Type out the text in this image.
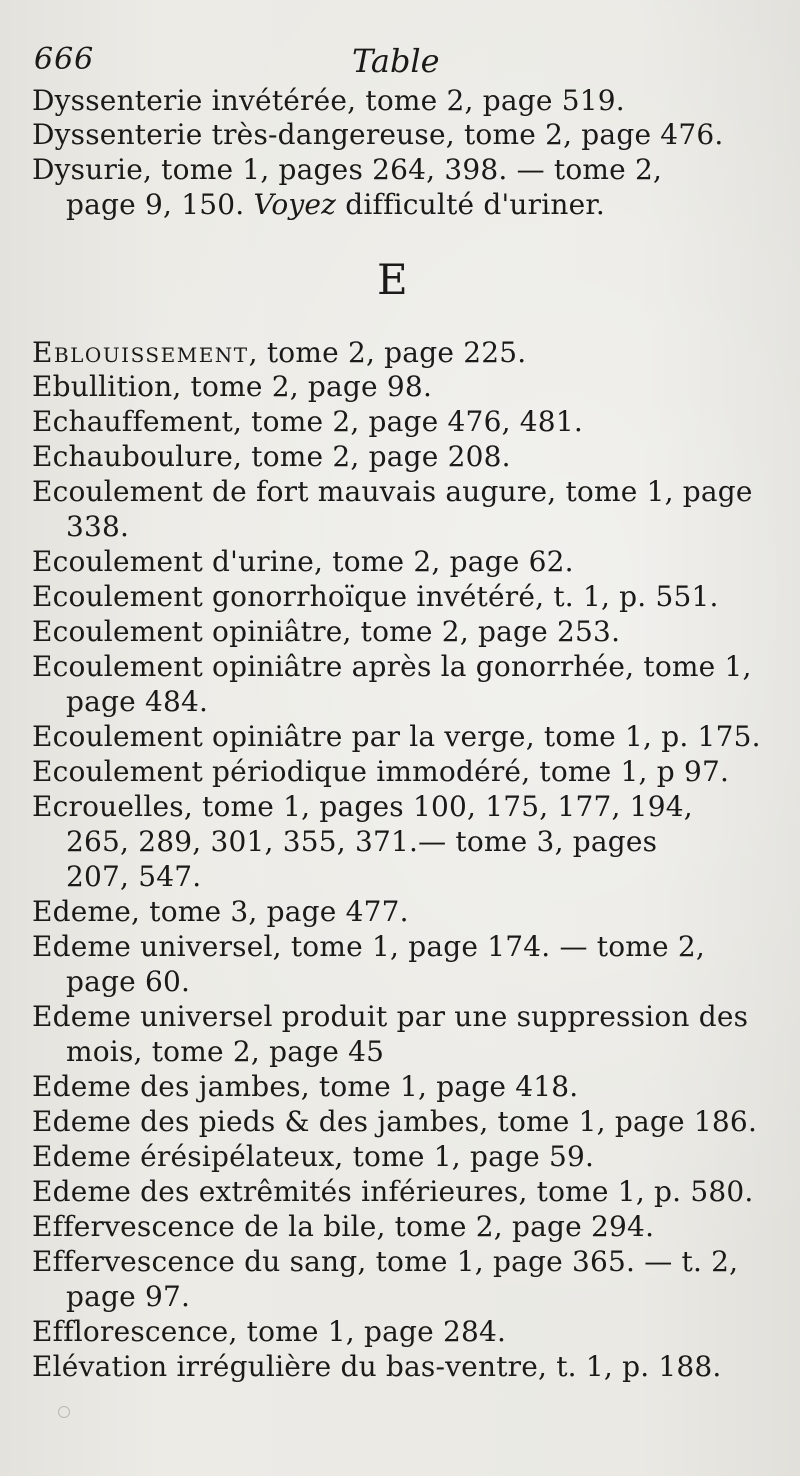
666	Table
Dyssenterie invétérée, tome 2, page 519.
Dyssenterie très-dangereuse, tome 2, page 476.
Dysurie, tome 1, pages 264, 398. — tome 2,
page 9, 150. Voyez difficulté d'uriner.
E
Eblouissement, tome 2, page 225.
Ebullition, tome 2, page 98.
Echauffement, tome 2, page 476, 481.
Echauboulure, tome 2, page 208.
Ecoulement de fort mauvais augure, tome 1, page
338.
Ecoulement d'urine, tome 2, page 62.
Ecoulement gonorrhoïque invétéré, t. 1, p. 551.
Ecoulement opiniâtre, tome 2, page 253.
Ecoulement opiniâtre après la gonorrhée, tome 1,
page 484.
Ecoulement opiniâtre par la verge, tome 1, p. 175.
Ecoulement périodique immodéré, tome 1, p 97.
Ecrouelles, tome 1, pages 100, 175, 177, 194,
265, 289, 301, 355, 371.— tome 3, pages
207, 547.
Edeme, tome 3, page 477.
Edeme universel, tome 1, page 174. — tome 2,
page 60.
Edeme universel produit par une suppression des
mois, tome 2, page 45
Edeme des jambes, tome 1, page 418.
Edeme des pieds & des jambes, tome 1, page 186.
Edeme érésipélateux, tome 1, page 59.
Edeme des extrêmités inférieures, tome 1, p. 580.
Effervescence de la bile, tome 2, page 294.
Effervescence du sang, tome 1, page 365. — t. 2,
page 97.
Efflorescence, tome 1, page 284.
Elévation irrégulière du bas-ventre, t. 1, p. 188.
